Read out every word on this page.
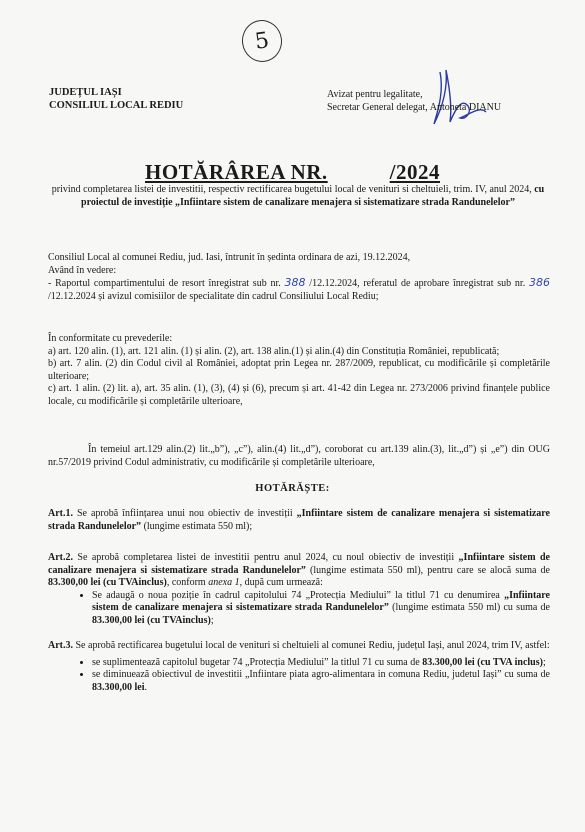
5
JUDEȚUL IAȘI
CONSILIUL LOCAL REDIU
Avizat pentru legalitate,
Secretar General delegat, Antoneta DIANU
HOTĂRÂREA NR.	/2024
privind completarea listei de investitii, respectiv rectificarea bugetului local de venituri si cheltuieli, trim. IV, anul 2024, cu proiectul de investiție „Infiintare sistem de canalizare menajera si sistematizare strada Randunelelor”
Consiliul Local al comunei Rediu, jud. Iasi, întrunit în ședinta ordinara de azi, 19.12.2024,
Având în vedere:
- Raportul compartimentului de resort înregistrat sub nr. 388 /12.12.2024, referatul de aprobare înregistrat sub nr. 386 /12.12.2024 și avizul comisiilor de specialitate din cadrul Consiliului Local Rediu;
În conformitate cu prevederile:
a) art. 120 alin. (1), art. 121 alin. (1) și alin. (2), art. 138 alin.(1) și alin.(4) din Constituția României, republicată;
b) art. 7 alin. (2) din Codul civil al României, adoptat prin Legea nr. 287/2009, republicat, cu modificările și completările ulterioare;
c) art. 1 alin. (2) lit. a), art. 35 alin. (1), (3), (4) și (6), precum și art. 41-42 din Legea nr. 273/2006 privind finanțele publice locale, cu modificările și completările ulterioare,
În temeiul art.129 alin.(2) lit.„b”), „c”), alin.(4) lit.„d”), coroborat cu art.139 alin.(3), lit.„d”) și „e”) din OUG nr.57/2019 privind Codul administrativ, cu modificările și completările ulterioare,
HOTĂRĂȘTE:
Art.1. Se aprobă înființarea unui nou obiectiv de investiții „Infiintare sistem de canalizare menajera si sistematizare strada Randunelelor” (lungime estimata 550 ml);
Art.2. Se aprobă completarea listei de investitii pentru anul 2024, cu noul obiectiv de investiții „Infiintare sistem de canalizare menajera si sistematizare strada Randunelelor” (lungime estimata 550 ml), pentru care se alocă suma de 83.300,00 lei (cu TVAinclus), conform anexa 1, după cum urmează:
• Se adaugă o noua poziție în cadrul capitolului 74 „Protecția Mediului” la titlul 71 cu denumirea „Infiintare sistem de canalizare menajera si sistematizare strada Randunelelor” (lungime estimata 550 ml) cu suma de 83.300,00 lei (cu TVAinclus);
Art.3. Se aprobă rectificarea bugetului local de venituri si cheltuieli al comunei Rediu, județul Iași, anul 2024, trim IV, astfel:
• se suplimentează capitolul bugetar 74 „Protecția Mediului” la titlul 71 cu suma de 83.300,00 lei (cu TVA inclus);
• se diminuează obiectivul de investitii „Infiintare piata agro-alimentara in comuna Rediu, judetul Iași” cu suma de 83.300,00 lei.
